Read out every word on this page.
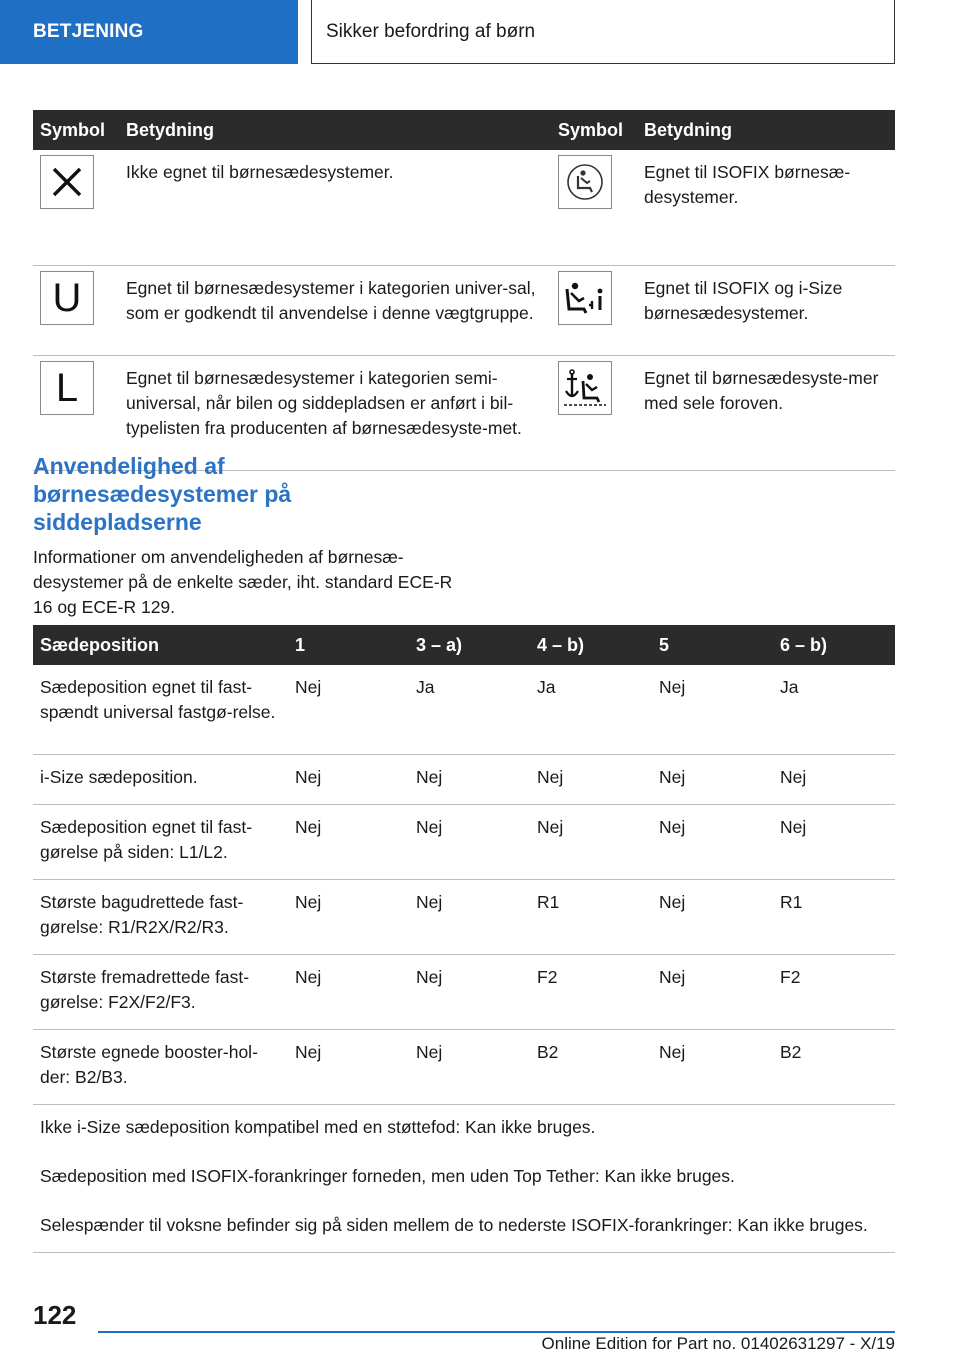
BETJENING	Sikker befordring af børn
Symbol	Betydning	Symbol	Betydning

	Ikke egnet til børnesædesystemer.		Egnet til ISOFIX børnesæ-desystemer.

U	Egnet til børnesædesystemer i kategorien univer-sal, som er godkendt til anvendelse i denne vægtgruppe.		Egnet til ISOFIX og i-Size børnesædesystemer.

L	Egnet til børnesædesystemer i kategorien semi-universal, når bilen og siddepladsen er anført i bil-typelisten fra producenten af børnesædesyste-met.		Egnet til børnesædesyste-mer med sele foroven.
Anvendelighed af børnesædesystemer på siddepladserne

Informationer om anvendeligheden af børnesæ-desystemer på de enkelte sæder, iht. standard ECE-R 16 og ECE-R 129.

Sædeposition	1	3 – a)	4 – b)	5	6 – b)
Sædeposition egnet til fast-spændt universal fastgø-relse.	Nej	Ja	Ja	Nej	Ja
i-Size sædeposition.	Nej	Nej	Nej	Nej	Nej
Sædeposition egnet til fast-gørelse på siden: L1/L2.	Nej	Nej	Nej	Nej	Nej
Største bagudrettede fast-gørelse: R1/R2X/R2/R3.	Nej	Nej	R1	Nej	R1
Største fremadrettede fast-gørelse: F2X/F2/F3.	Nej	Nej	F2	Nej	F2
Største egnede booster-hol-der: B2/B3.	Nej	Nej	B2	Nej	B2
Ikke i-Size sædeposition kompatibel med en støttefod: Kan ikke bruges.					
Sædeposition med ISOFIX-forankringer forneden, men uden Top Tether: Kan ikke bruges.					
Selespænder til voksne befinder sig på siden mellem de to nederste ISOFIX-forankringer: Kan ikke bruges.					
122
Online Edition for Part no. 01402631297 - X/19
